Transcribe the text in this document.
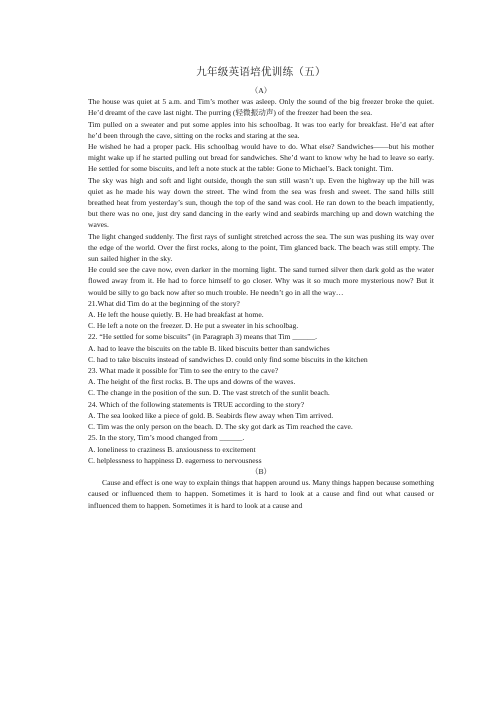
九年级英语培优训练（五）

（A）

The house was quiet at 5 a.m. and Tim’s mother was asleep. Only the sound of the big freezer broke the quiet. He’d dreamt of the cave last night. The purring (轻微振动声) of the freezer had been the sea.

Tim pulled on a sweater and put some apples into his schoolbag. It was too early for breakfast. He’d eat after he’d been through the cave, sitting on the rocks and staring at the sea.

He wished he had a proper pack. His schoolbag would have to do. What else? Sandwiches——but his mother might wake up if he started pulling out bread for sandwiches. She’d want to know why he had to leave so early. He settled for some biscuits, and left a note stuck at the table: Gone to Michael’s. Back tonight. Tim.

The sky was high and soft and light outside, though the sun still wasn’t up. Even the highway up the hill was quiet as he made his way down the street. The wind from the sea was fresh and sweet. The sand hills still breathed heat from yesterday’s sun, though the top of the sand was cool. He ran down to the beach impatiently, but there was no one, just dry sand dancing in the early wind and seabirds marching up and down watching the waves.

The light changed suddenly. The first rays of sunlight stretched across the sea. The sun was pushing its way over the edge of the world. Over the first rocks, along to the point, Tim glanced back. The beach was still empty. The sun sailed higher in the sky.

He could see the cave now, even darker in the morning light. The sand turned silver then dark gold as the water flowed away from it. He had to force himself to go closer. Why was it so much more mysterious now? But it would be silly to go back now after so much trouble. He needn’t go in all the way…

21.What did Tim do at the beginning of the story?

A. He left the house quietly. B. He had breakfast at home.

C. He left a note on the freezer. D. He put a sweater in his schoolbag.

22. “He settled for some biscuits” (in Paragraph 3) means that Tim ______.

A. had to leave the biscuits on the table B. liked biscuits better than sandwiches

C. had to take biscuits instead of sandwiches D. could only find some biscuits in the kitchen

23. What made it possible for Tim to see the entry to the cave?

A. The height of the first rocks. B. The ups and downs of the waves.

C. The change in the position of the sun. D. The vast stretch of the sunlit beach.

24. Which of the following statements is TRUE according to the story?

A. The sea looked like a piece of gold. B. Seabirds flew away when Tim arrived.

C. Tim was the only person on the beach. D. The sky got dark as Tim reached the cave.

25. In the story, Tim’s mood changed from ______.

A. loneliness to craziness B. anxiousness to excitement

C. helplessness to happiness D. eagerness to nervousness

（B）

Cause and effect is one way to explain things that happen around us. Many things happen because something caused or influenced them to happen. Sometimes it is hard to look at a cause and find out what caused or influenced them to happen. Sometimes it is hard to look at a cause and
